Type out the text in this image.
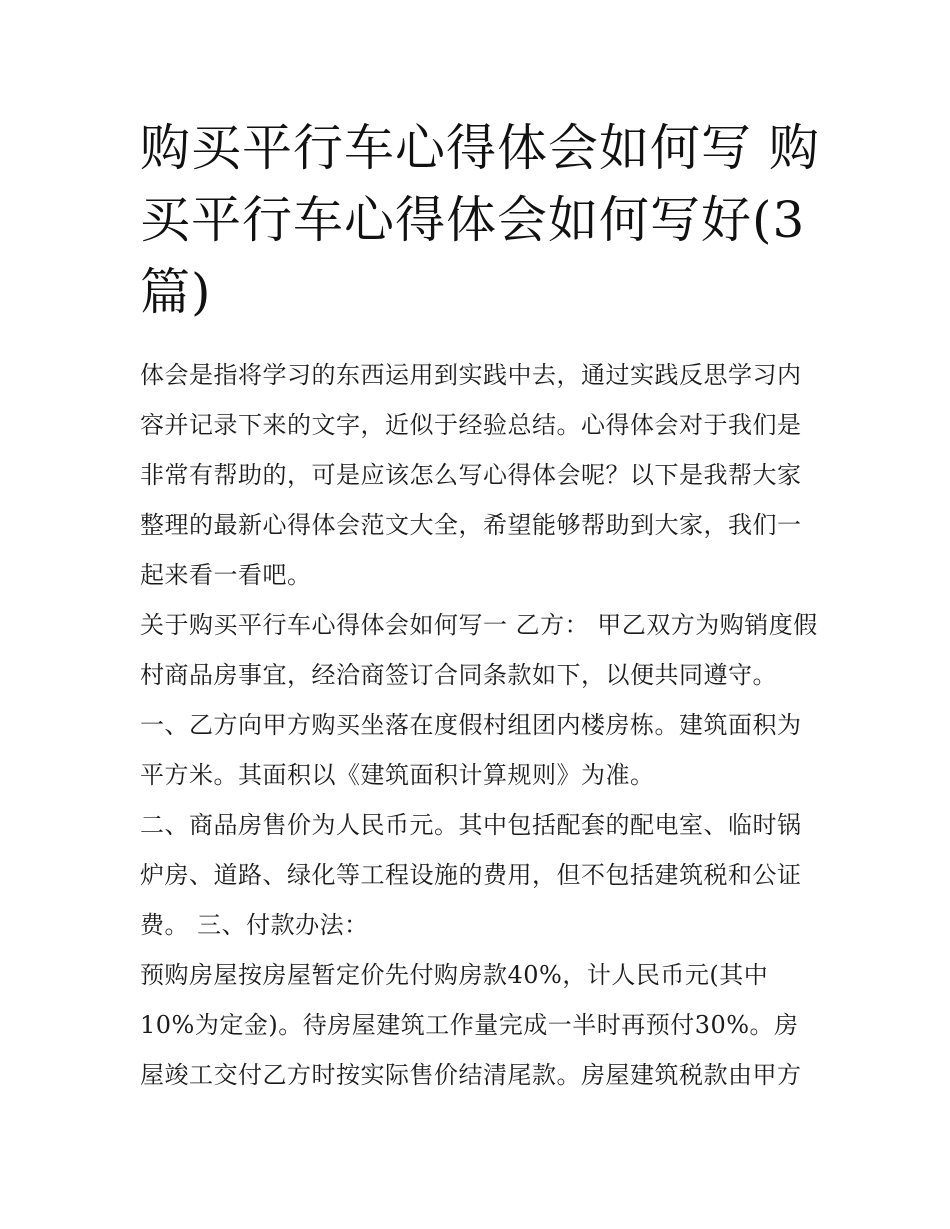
购买平行车心得体会如何写 购买平行车心得体会如何写好(3篇)

体会是指将学习的东西运用到实践中去，通过实践反思学习内容并记录下来的文字，近似于经验总结。心得体会对于我们是非常有帮助的，可是应该怎么写心得体会呢？以下是我帮大家整理的最新心得体会范文大全，希望能够帮助到大家，我们一起来看一看吧。

关于购买平行车心得体会如何写一 乙方： 甲乙双方为购销度假村商品房事宜，经洽商签订合同条款如下，以便共同遵守。

一、乙方向甲方购买坐落在度假村组团内楼房栋。建筑面积为平方米。其面积以《建筑面积计算规则》为准。

二、商品房售价为人民币元。其中包括配套的配电室、临时锅炉房、道路、绿化等工程设施的费用，但不包括建筑税和公证费。 三、付款办法：

预购房屋按房屋暂定价先付购房款40%，计人民币元(其中10%为定金)。待房屋建筑工作量完成一半时再预付30%。房屋竣工交付乙方时按实际售价结清尾款。房屋建筑税款由甲方
